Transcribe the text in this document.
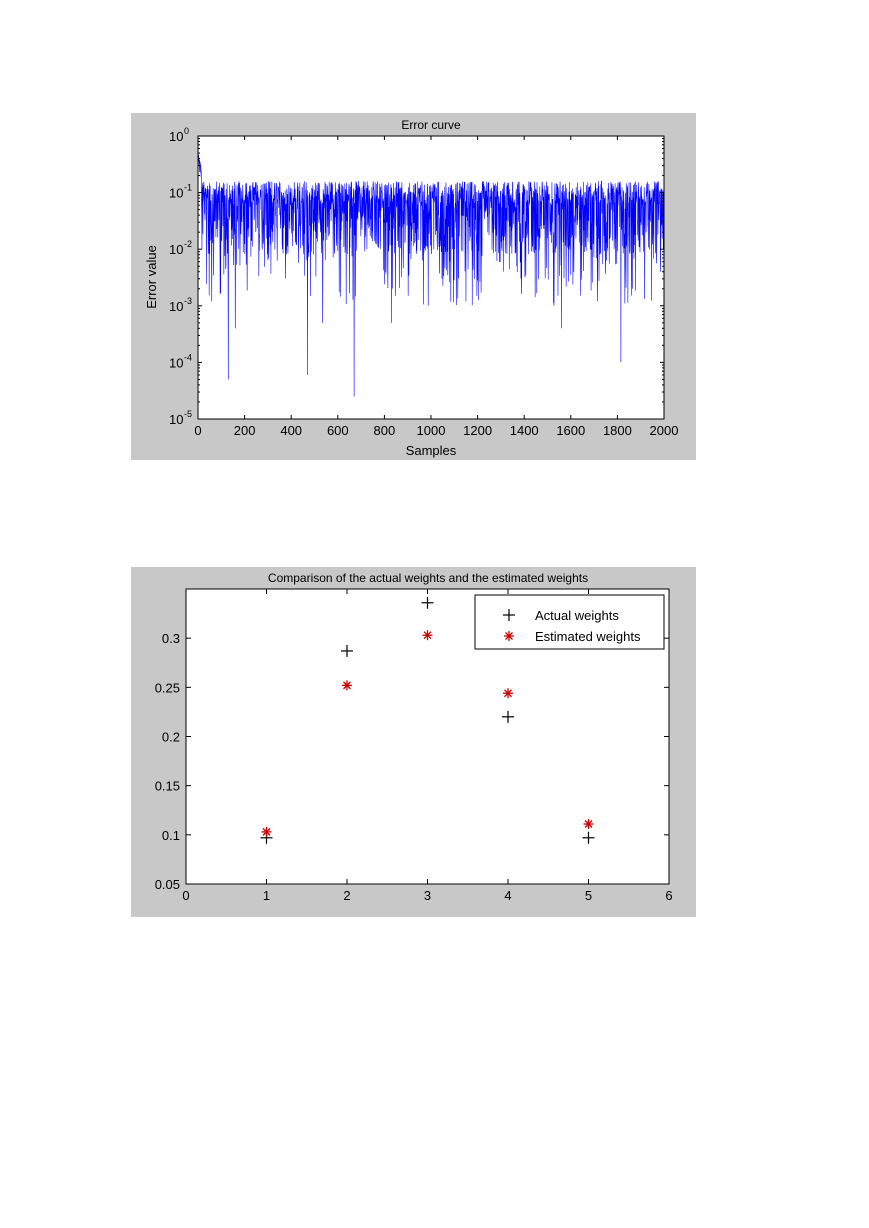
Error curve
0 200 400 600 800 1000 1200 1400 1600 1800 2000
10 -5
10 -4
10 -3
10 -2
10 -1
10 0
Samples
Error value
Comparison of the actual weights and the estimated weights
0	1	2	3	4	5	6
0.05
0.1
0.15
0.2
0.25
0.3
Actual weights
Estimated weights
